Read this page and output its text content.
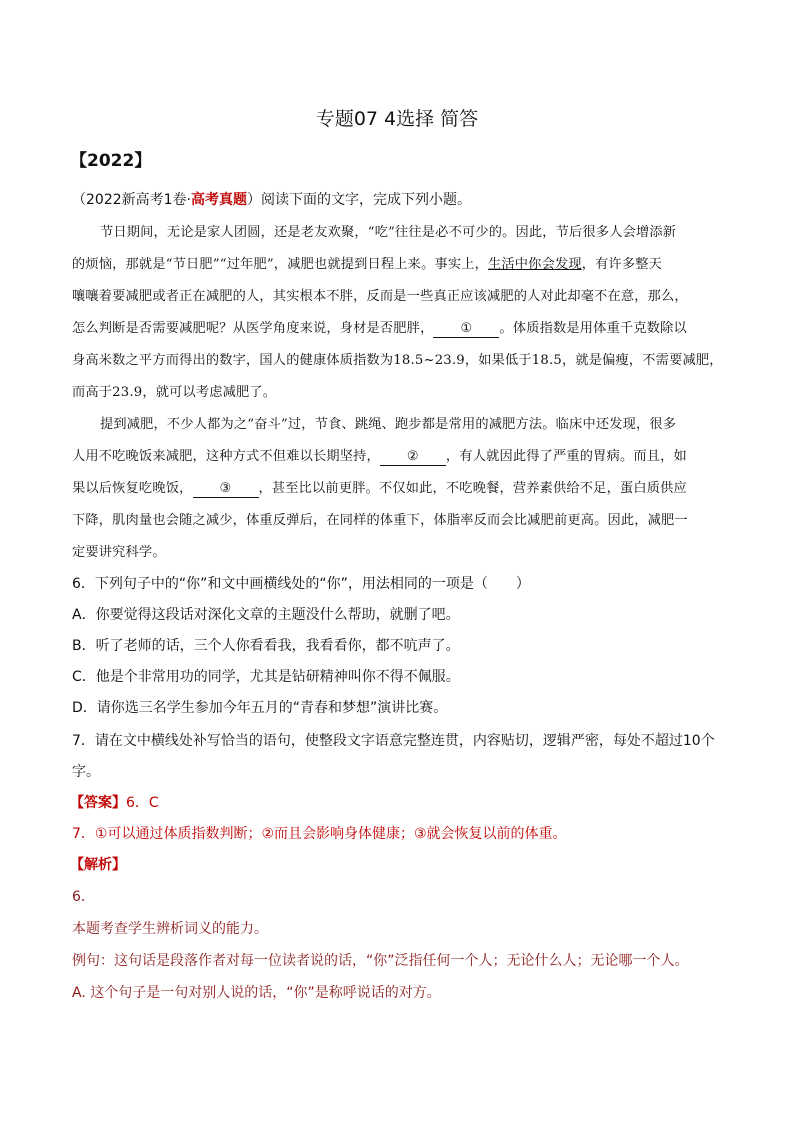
专题07 4选择 简答
【2022】
（2022新高考1卷·高考真题）阅读下面的文字，完成下列小题。
节日期间，无论是家人团圆，还是老友欢聚，“吃”往往是必不可少的。因此，节后很多人会增添新
的烦恼，那就是“节日肥”“过年肥”，减肥也就提到日程上来。事实上，生活中你会发现，有许多整天
嚷嚷着要减肥或者正在减肥的人，其实根本不胖，反而是一些真正应该减肥的人对此却毫不在意，那么，
怎么判断是否需要减肥呢？从医学角度来说，身材是否肥胖， ① 。体质指数是用体重千克数除以
身高米数之平方而得出的数字，国人的健康体质指数为18.5~23.9，如果低于18.5，就是偏瘦，不需要减肥，
而高于23.9，就可以考虑减肥了。
提到减肥，不少人都为之“奋斗”过，节食、跳绳、跑步都是常用的减肥方法。临床中还发现，很多
人用不吃晚饭来减肥，这种方式不但难以长期坚持， ② ，有人就因此得了严重的胃病。而且，如
果以后恢复吃晚饭， ③ ，甚至比以前更胖。不仅如此，不吃晚餐，营养素供给不足，蛋白质供应
下降，肌肉量也会随之减少，体重反弹后，在同样的体重下，体脂率反而会比减肥前更高。因此，减肥一
定要讲究科学。
6．下列句子中的“你”和文中画横线处的“你”，用法相同的一项是（　　）
A．你要觉得这段话对深化文章的主题没什么帮助，就删了吧。
B．听了老师的话，三个人你看看我，我看看你，都不吭声了。
C．他是个非常用功的同学，尤其是钻研精神叫你不得不佩服。
D．请你选三名学生参加今年五月的“青春和梦想”演讲比赛。
7．请在文中横线处补写恰当的语句，使整段文字语意完整连贯，内容贴切，逻辑严密，每处不超过10个
字。
【答案】6．C
7．①可以通过体质指数判断；②而且会影响身体健康；③就会恢复以前的体重。
【解析】
6．
本题考查学生辨析词义的能力。
例句：这句话是段落作者对每一位读者说的话，“你”泛指任何一个人；无论什么人；无论哪一个人。
A. 这个句子是一句对别人说的话，“你”是称呼说话的对方。
